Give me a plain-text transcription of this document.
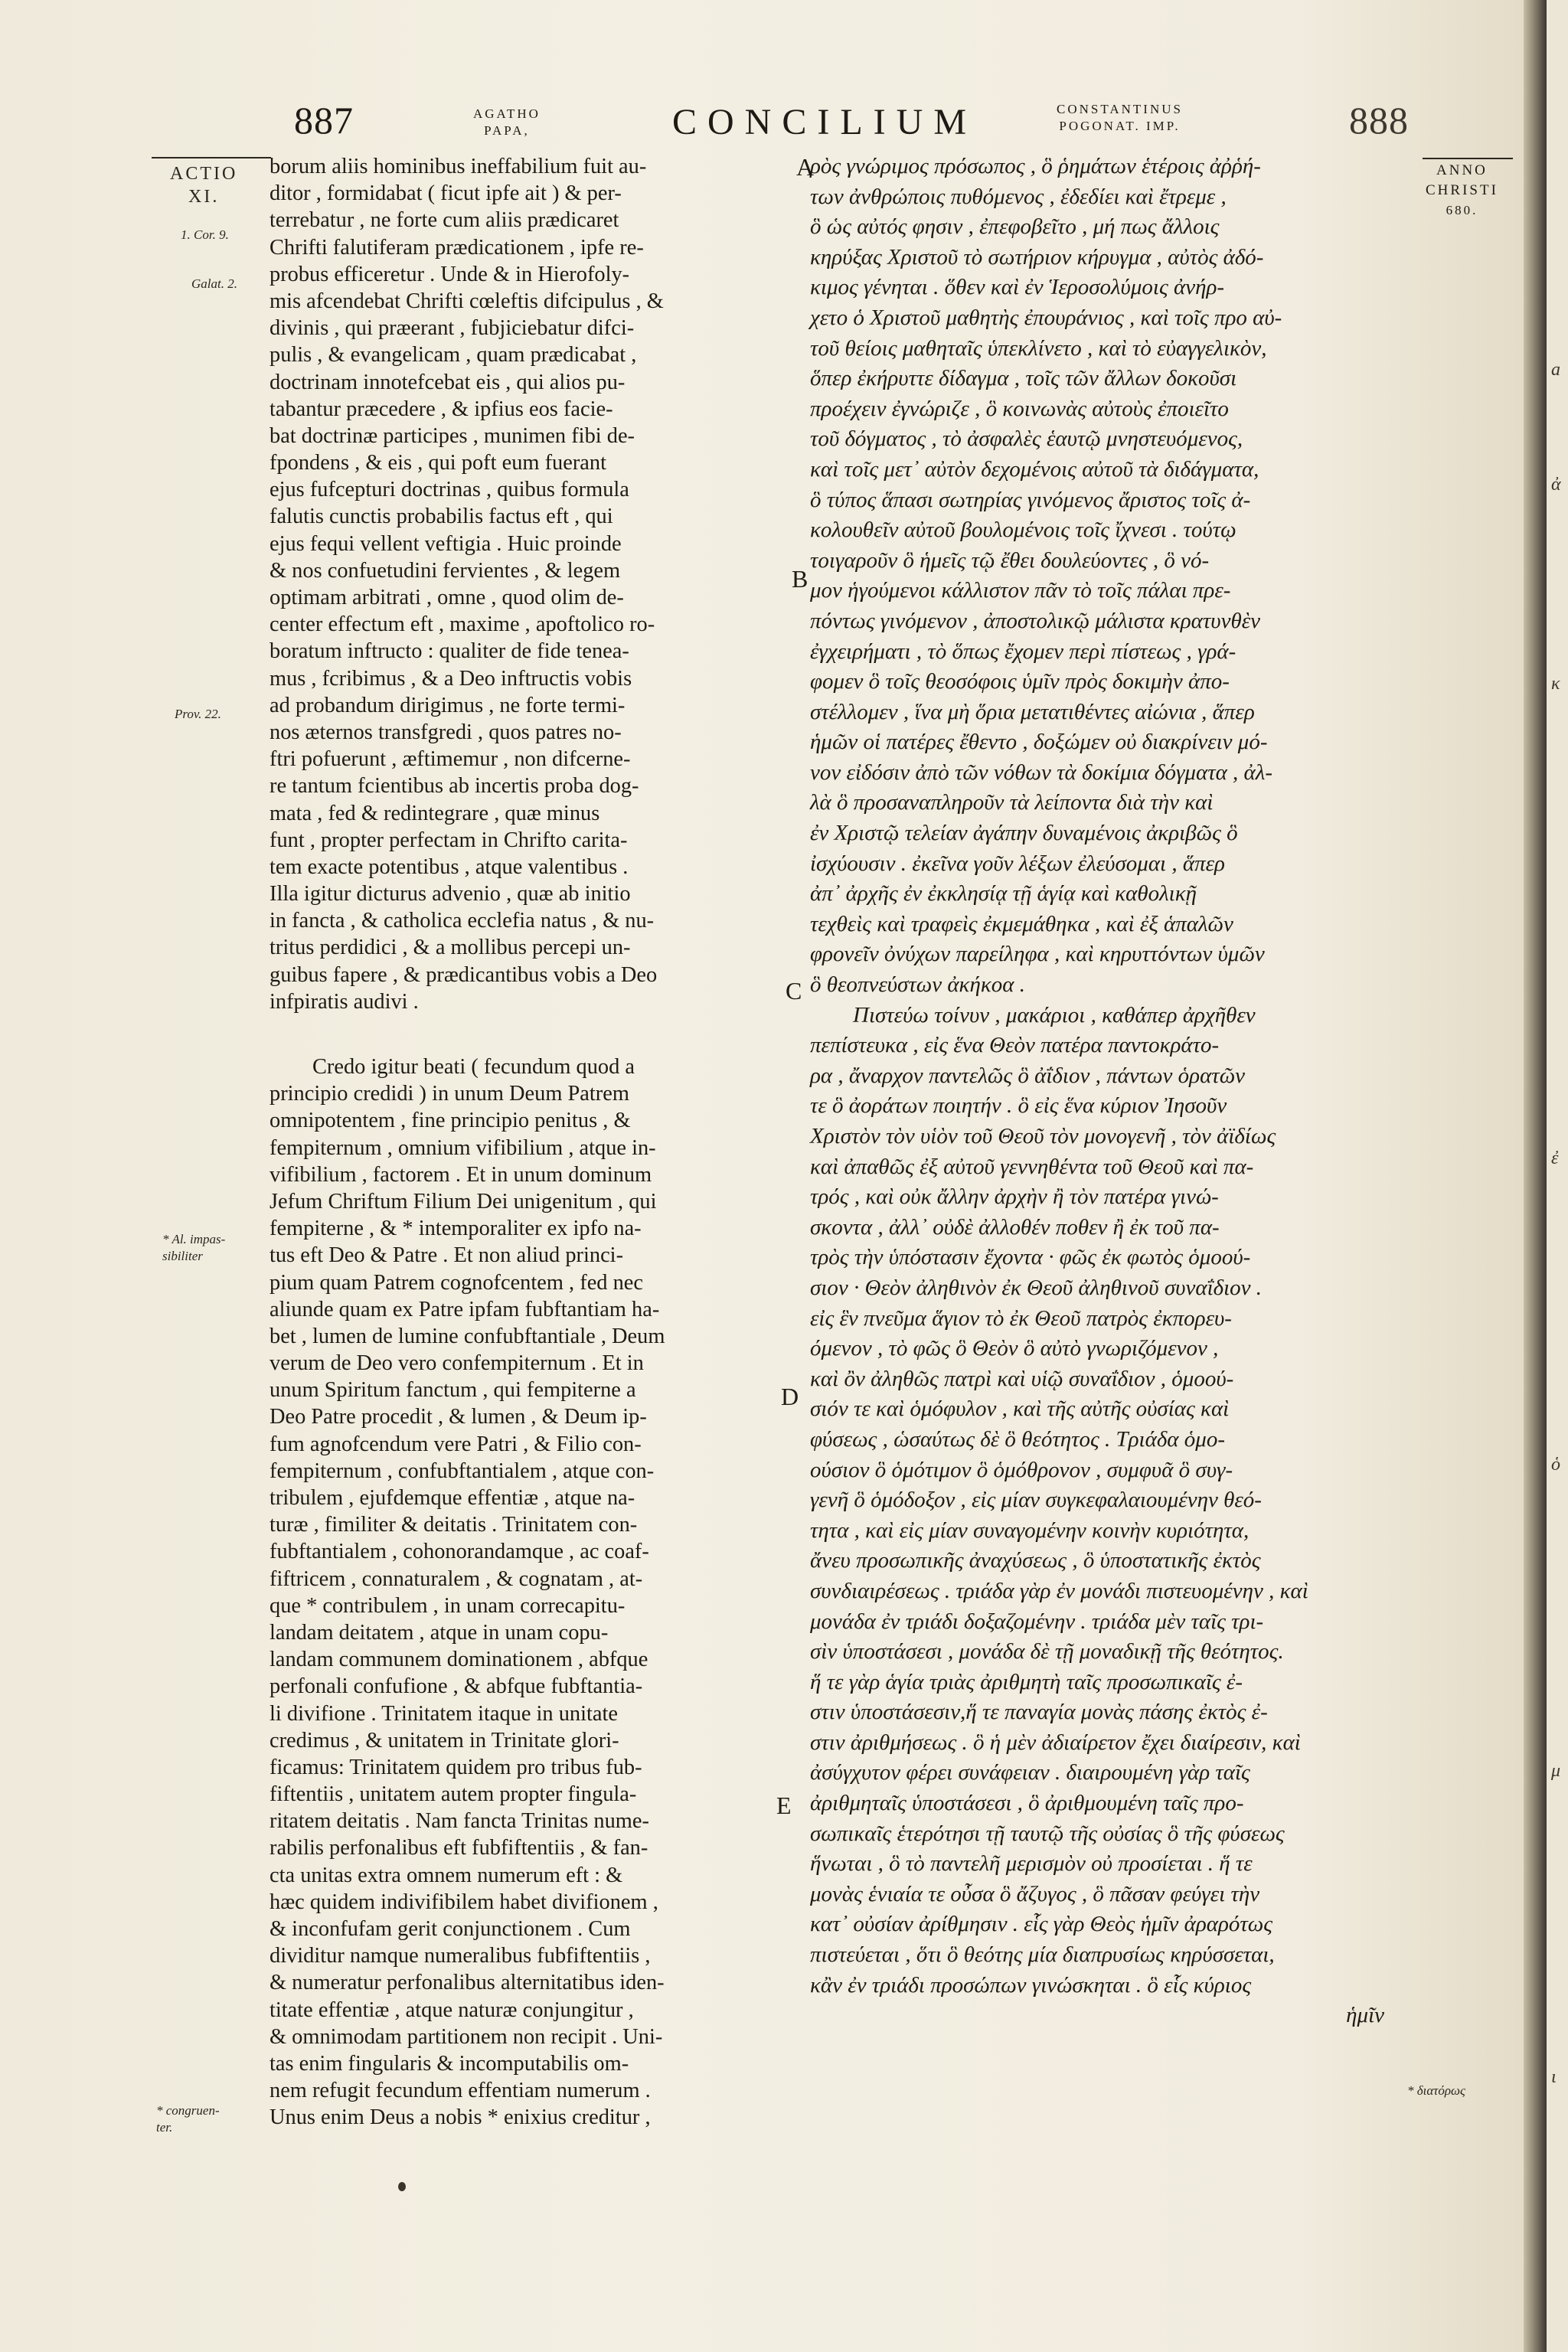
887	AGATHO
PAPA,	CONCILIUM	CONSTANTINUS
POGONAT. IMP.	888
ACTIO
XI.
1. Cor. 9.
Galat. 2.
Prov. 22.
* Al. impas-
sibiliter
* congruen-
ter.
ANNO
CHRISTI
680.
* διατόρως
A
B
C
D
E
borum aliis hominibus ineffabilium fuit au-
ditor , formidabat ( ficut ipfe ait ) & per-
terrebatur , ne forte cum aliis prædicaret
Chrifti falutiferam prædicationem , ipfe re-
probus efficeretur . Unde & in Hierofoly-
mis afcendebat Chrifti cœleftis difcipulus , &
divinis , qui præerant , fubjiciebatur difci-
pulis , & evangelicam , quam prædicabat ,
doctrinam innotefcebat eis , qui alios pu-
tabantur præcedere , & ipfius eos facie-
bat doctrinæ participes , munimen fibi de-
fpondens , & eis , qui poft eum fuerant
ejus fufcepturi doctrinas , quibus formula
falutis cunctis probabilis factus eft , qui
ejus fequi vellent veftigia . Huic proinde
& nos confuetudini fervientes , & legem
optimam arbitrati , omne , quod olim de-
center effectum eft , maxime , apoftolico ro-
boratum inftructo : qualiter de fide tenea-
mus , fcribimus , & a Deo inftructis vobis
ad probandum dirigimus , ne forte termi-
nos æternos transfgredi , quos patres no-
ftri pofuerunt , æftimemur , non difcerne-
re tantum fcientibus ab incertis proba dog-
mata , fed & redintegrare , quæ minus
funt , propter perfectam in Chrifto carita-
tem exacte potentibus , atque valentibus .
Illa igitur dicturus advenio , quæ ab initio
in fancta , & catholica ecclefia natus , & nu-
tritus perdidici , & a mollibus percepi un-
guibus fapere , & prædicantibus vobis a Deo
infpiratis audivi .
Credo igitur beati ( fecundum quod a
principio credidi ) in unum Deum Patrem
omnipotentem , fine principio penitus , &
fempiternum , omnium vifibilium , atque in-
vifibilium , factorem . Et in unum dominum
Jefum Chriftum Filium Dei unigenitum , qui
fempiterne , & * intemporaliter ex ipfo na-
tus eft Deo & Patre . Et non aliud princi-
pium quam Patrem cognofcentem , fed nec
aliunde quam ex Patre ipfam fubftantiam ha-
bet , lumen de lumine confubftantiale , Deum
verum de Deo vero confempiternum . Et in
unum Spiritum fanctum , qui fempiterne a
Deo Patre procedit , & lumen , & Deum ip-
fum agnofcendum vere Patri , & Filio con-
fempiternum , confubftantialem , atque con-
tribulem , ejufdemque effentiæ , atque na-
turæ , fimiliter & deitatis . Trinitatem con-
fubftantialem , cohonorandamque , ac coaf-
fiftricem , connaturalem , & cognatam , at-
que * contribulem , in unam correcapitu-
landam deitatem , atque in unam copu-
landam communem dominationem , abfque
perfonali confufione , & abfque fubftantia-
li divifione . Trinitatem itaque in unitate
credimus , & unitatem in Trinitate glori-
ficamus: Trinitatem quidem pro tribus fub-
fiftentiis , unitatem autem propter fingula-
ritatem deitatis . Nam fancta Trinitas nume-
rabilis perfonalibus eft fubfiftentiis , & fan-
cta unitas extra omnem numerum eft : &
hæc quidem indivifibilem habet divifionem ,
& inconfufam gerit conjunctionem . Cum
dividitur namque numeralibus fubfiftentiis ,
& numeratur perfonalibus alternitatibus iden-
titate effentiæ , atque naturæ conjungitur ,
& omnimodam partitionem non recipit . Uni-
tas enim fingularis & incomputabilis om-
nem refugit fecundum effentiam numerum .
Unus enim Deus a nobis * enixius creditur ,
ρὸς γνώριμος πρόσωπος , ὃ ῥημάτων ἑτέροις ἀῤῥή-
των ἀνθρώποις πυθόμενος , ἐδεδίει καὶ ἔτρεμε ,
ὃ ὡς αὐτός φησιν , ἐπεφοβεῖτο , μή πως ἄλλοις
κηρύξας Χριστοῦ τὸ σωτήριον κήρυγμα , αὐτὸς ἀδό-
κιμος γένηται . ὅθεν καὶ ἐν Ἱεροσολύμοις ἀνήρ-
χετο ὁ Χριστοῦ μαθητὴς ἐπουράνιος , καὶ τοῖς προ αὐ-
τοῦ θείοις μαθηταῖς ὑπεκλίνετο , καὶ τὸ εὐαγγελικὸν,
ὅπερ ἐκήρυττε δίδαγμα , τοῖς τῶν ἄλλων δοκοῦσι
προέχειν ἐγνώριζε , ὃ κοινωνὰς αὐτοὺς ἐποιεῖτο
τοῦ δόγματος , τὸ ἀσφαλὲς ἑαυτῷ μνηστευόμενος,
καὶ τοῖς μετ᾽ αὐτὸν δεχομένοις αὐτοῦ τὰ διδάγματα,
ὃ τύπος ἅπασι σωτηρίας γινόμενος ἄριστος τοῖς ἀ-
κολουθεῖν αὐτοῦ βουλομένοις τοῖς ἴχνεσι . τούτῳ
τοιγαροῦν ὃ ἡμεῖς τῷ ἔθει δουλεύοντες , ὃ νό-
μον ἡγούμενοι κάλλιστον πᾶν τὸ τοῖς πάλαι πρε-
πόντως γινόμενον , ἀποστολικῷ μάλιστα κρατυνθὲν
ἐγχειρήματι , τὸ ὅπως ἔχομεν περὶ πίστεως , γρά-
φομεν ὃ τοῖς θεοσόφοις ὑμῖν πρὸς δοκιμὴν ἀπο-
στέλλομεν , ἵνα μὴ ὅρια μετατιθέντες αἰώνια , ἅπερ
ἡμῶν οἱ πατέρες ἔθεντο , δοξώμεν οὐ διακρίνειν μό-
νον εἰδόσιν ἀπὸ τῶν νόθων τὰ δοκίμια δόγματα , ἀλ-
λὰ ὃ προσαναπληροῦν τὰ λείποντα διὰ τὴν καὶ
ἐν Χριστῷ τελείαν ἀγάπην δυναμένοις ἀκριβῶς ὃ
ἰσχύουσιν . ἐκεῖνα γοῦν λέξων ἐλεύσομαι , ἅπερ
ἀπ᾽ ἀρχῆς ἐν ἐκκλησίᾳ τῇ ἁγίᾳ καὶ καθολικῇ
τεχθεὶς καὶ τραφεὶς ἐκμεμάθηκα , καὶ ἐξ ἁπαλῶν
φρονεῖν ὀνύχων παρείληφα , καὶ κηρυττόντων ὑμῶν
ὃ θεοπνεύστων ἀκήκοα .
Πιστεύω τοίνυν , μακάριοι , καθάπερ ἀρχῆθεν
πεπίστευκα , εἰς ἕνα Θεὸν πατέρα παντοκράτο-
ρα , ἄναρχον παντελῶς ὃ ἀΐδιον , πάντων ὁρατῶν
τε ὃ ἀοράτων ποιητήν . ὃ εἰς ἕνα κύριον Ἰησοῦν
Χριστὸν τὸν υἱὸν τοῦ Θεοῦ τὸν μονογενῆ , τὸν ἀϊδίως
καὶ ἀπαθῶς ἐξ αὐτοῦ γεννηθέντα τοῦ Θεοῦ καὶ πα-
τρός , καὶ οὐκ ἄλλην ἀρχὴν ἢ τὸν πατέρα γινώ-
σκοντα , ἀλλ᾽ οὐδὲ ἀλλοθέν ποθεν ἢ ἐκ τοῦ πα-
τρὸς τὴν ὑπόστασιν ἔχοντα · φῶς ἐκ φωτὸς ὁμοού-
σιον · Θεὸν ἀληθινὸν ἐκ Θεοῦ ἀληθινοῦ συναΐδιον .
εἰς ἓν πνεῦμα ἅγιον τὸ ἐκ Θεοῦ πατρὸς ἐκπορευ-
όμενον , τὸ φῶς ὃ Θεὸν ὃ αὐτὸ γνωριζόμενον ,
καὶ ὂν ἀληθῶς πατρὶ καὶ υἱῷ συναΐδιον , ὁμοού-
σιόν τε καὶ ὁμόφυλον , καὶ τῆς αὐτῆς οὐσίας καὶ
φύσεως , ὡσαύτως δὲ ὃ θεότητος . Τριάδα ὁμο-
ούσιον ὃ ὁμότιμον ὃ ὁμόθρονον , συμφυᾶ ὃ συγ-
γενῆ ὃ ὁμόδοξον , εἰς μίαν συγκεφαλαιουμένην θεό-
τητα , καὶ εἰς μίαν συναγομένην κοινὴν κυριότητα,
ἄνευ προσωπικῆς ἀναχύσεως , ὃ ὑποστατικῆς ἐκτὸς
συνδιαιρέσεως . τριάδα γὰρ ἐν μονάδι πιστευομένην , καὶ
μονάδα ἐν τριάδι δοξαζομένην . τριάδα μὲν ταῖς τρι-
σὶν ὑποστάσεσι , μονάδα δὲ τῇ μοναδικῇ τῆς θεότητος.
ἥ τε γὰρ ἁγία τριὰς ἀριθμητὴ ταῖς προσωπικαῖς ἐ-
στιν ὑποστάσεσιν,ἥ τε παναγία μονὰς πάσης ἐκτὸς ἐ-
στιν ἀριθμήσεως . ὃ ἡ μὲν ἀδιαίρετον ἔχει διαίρεσιν, καὶ
ἀσύγχυτον φέρει συνάφειαν . διαιρουμένη γὰρ ταῖς
ἀριθμηταῖς ὑποστάσεσι , ὃ ἀριθμουμένη ταῖς προ-
σωπικαῖς ἑτερότησι τῇ ταυτῷ τῆς οὐσίας ὃ τῆς φύσεως
ἥνωται , ὃ τὸ παντελῆ μερισμὸν οὐ προσίεται . ἥ τε
μονὰς ἑνιαία τε οὖσα ὃ ἄζυγος , ὃ πᾶσαν φεύγει τὴν
κατ᾽ οὐσίαν ἀρίθμησιν . εἷς γὰρ Θεὸς ἡμῖν ἀραρότως
πιστεύεται , ὅτι ὃ θεότης μία διαπρυσίως κηρύσσεται,
κἂν ἐν τριάδι προσώπων γινώσκηται . ὃ εἷς κύριος
ἡμῖν
a
ἀ
κ
ἐ
ὁ
μ
ι
